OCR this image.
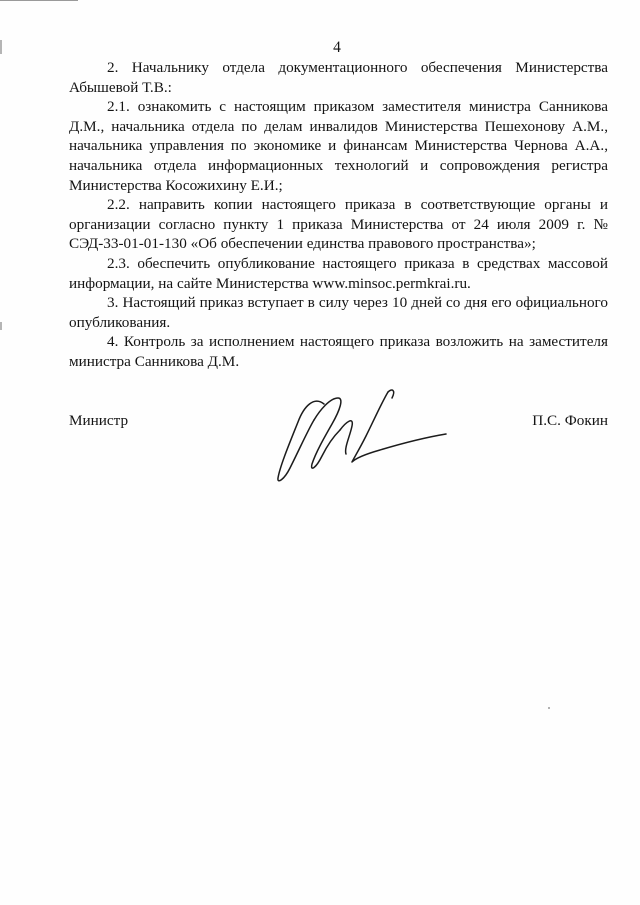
4

2. Начальнику отдела документационного обеспечения Министерства Абышевой Т.В.:

2.1. ознакомить с настоящим приказом заместителя министра Санникова Д.М., начальника отдела по делам инвалидов Министерства Пешехонову А.М., начальника управления по экономике и финансам Министерства Чернова А.А., начальника отдела информационных технологий и сопровождения регистра Министерства Косожихину Е.И.;

2.2. направить копии настоящего приказа в соответствующие органы и организации согласно пункту 1 приказа Министерства от 24 июля 2009 г. № СЭД-33-01-01-130 «Об обеспечении единства правового пространства»;

2.3. обеспечить опубликование настоящего приказа в средствах массовой информации, на сайте Министерства www.minsoc.permkrai.ru.

3. Настоящий приказ вступает в силу через 10 дней со дня его официального опубликования.

4. Контроль за исполнением настоящего приказа возложить на заместителя министра Санникова Д.М.

Министр	П.С. Фокин
